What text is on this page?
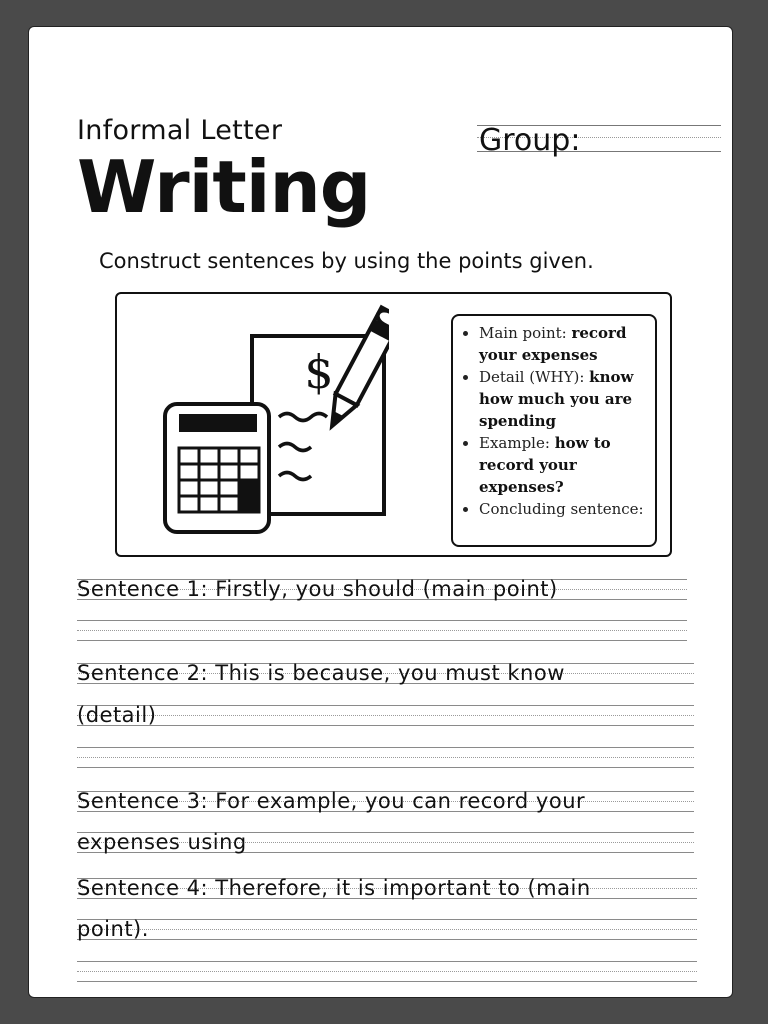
Informal Letter
Writing
Group:
Construct sentences by using the points given.
$
• Main point: record your expenses
• Detail (WHY): know how much you are spending
• Example: how to record your expenses?
• Concluding sentence:
Sentence 1: Firstly, you should (main point)
Sentence 2: This is because, you must know
(detail)
Sentence 3: For example, you can record your
expenses using
Sentence 4: Therefore, it is important to (main
point).
